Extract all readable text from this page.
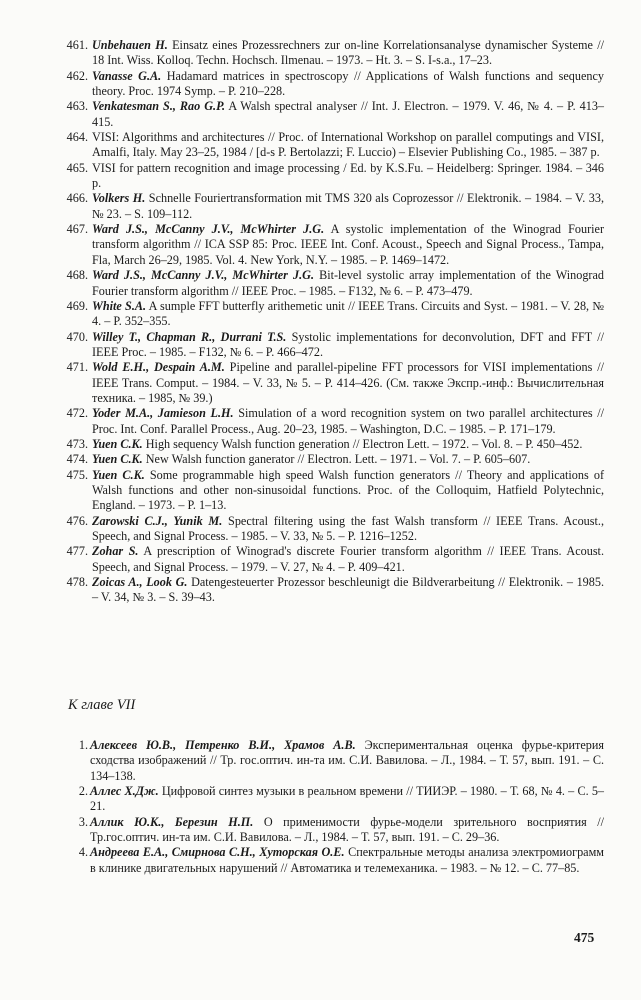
461. Unbehauen H. Einsatz eines Prozessrechners zur on-line Korrelationsanalyse dynamischer Systeme // 18 Int. Wiss. Kolloq. Techn. Hochsch. Ilmenau. – 1973. – Ht. 3. – S. I-s.a., 17–23.

462. Vanasse G.A. Hadamard matrices in spectroscopy // Applications of Walsh functions and sequency theory. Proc. 1974 Symp. – P. 210–228.

463. Venkatesman S., Rao G.P. A Walsh spectral analyser // Int. J. Electron. – 1979. V. 46, № 4. – P. 413–415.

464. VISI: Algorithms and architectures // Proc. of International Workshop on parallel computings and VISI, Amalfi, Italy. May 23–25, 1984 / [d-s P. Bertolazzi; F. Luccio) – Elsevier Publishing Co., 1985. – 387 p.

465. VISI for pattern recognition and image processing / Ed. by K.S.Fu. – Heidelberg: Springer. 1984. – 346 p.

466. Volkers H. Schnelle Fouriertransformation mit TMS 320 als Coprozessor // Elektronik. – 1984. – V. 33, № 23. – S. 109–112.

467. Ward J.S., McCanny J.V., McWhirter J.G. A systolic implementation of the Winograd Fourier transform algorithm // ICA SSP 85: Proc. IEEE Int. Conf. Acoust., Speech and Signal Process., Tampa, Fla, March 26–29, 1985. Vol. 4. New York, N.Y. – 1985. – P. 1469–1472.

468. Ward J.S., McCanny J.V., McWhirter J.G. Bit-level systolic array implementation of the Winograd Fourier transform algorithm // IEEE Proc. – 1985. – F132, № 6. – P. 473–479.

469. White S.A. A sumple FFT butterfly arithemetic unit // IEEE Trans. Circuits and Syst. – 1981. – V. 28, № 4. – P. 352–355.

470. Willey T., Chapman R., Durrani T.S. Systolic implementations for deconvolution, DFT and FFT // IEEE Proc. – 1985. – F132, № 6. – P. 466–472.

471. Wold E.H., Despain A.M. Pipeline and parallel-pipeline FFT processors for VISI implementations // IEEE Trans. Comput. – 1984. – V. 33, № 5. – P. 414–426. (См. также Экспр.-инф.: Вычислительная техника. – 1985, № 39.)

472. Yoder M.A., Jamieson L.H. Simulation of a word recognition system on two parallel architectures // Proc. Int. Conf. Parallel Process., Aug. 20–23, 1985. – Washington, D.C. – 1985. – P. 171–179.

473. Yuen C.K. High sequency Walsh function generation // Electron Lett. – 1972. – Vol. 8. – P. 450–452.

474. Yuen C.K. New Walsh function ganerator // Electron. Lett. – 1971. – Vol. 7. – P. 605–607.

475. Yuen C.K. Some programmable high speed Walsh function generators // Theory and applications of Walsh functions and other non-sinusoidal functions. Proc. of the Colloquim, Hatfield Polytechnic, England. – 1973. – P. 1–13.

476. Zarowski C.J., Yunik M. Spectral filtering using the fast Walsh transform // IEEE Trans. Acoust., Speech, and Signal Process. – 1985. – V. 33, № 5. – P. 1216–1252.

477. Zohar S. A prescription of Winograd's discrete Fourier transform algorithm // IEEE Trans. Acoust. Speech, and Signal Process. – 1979. – V. 27, № 4. – P. 409–421.

478. Zoicas A., Look G. Datengesteuerter Prozessor beschleunigt die Bildverarbeitung // Elektronik. – 1985. – V. 34, № 3. – S. 39–43.

К главе VII

1. Алексеев Ю.В., Петренко В.И., Храмов А.В. Экспериментальная оценка фурье-критерия сходства изображений // Тр. гос.оптич. ин-та им. С.И. Вавилова. – Л., 1984. – Т. 57, вып. 191. – С. 134–138.

2. Аллес Х.Дж. Цифровой синтез музыки в реальном времени // ТИИЭР. – 1980. – Т. 68, № 4. – С. 5–21.

3. Аллик Ю.К., Березин Н.П. О применимости фурье-модели зрительного восприятия // Тр.гос.оптич. ин-та им. С.И. Вавилова. – Л., 1984. – Т. 57, вып. 191. – С. 29–36.

4. Андреева Е.А., Смирнова С.Н., Хуторская О.Е. Спектральные методы анализа электромиограмм в клинике двигательных нарушений // Автоматика и телемеханика. – 1983. – № 12. – С. 77–85.

475
